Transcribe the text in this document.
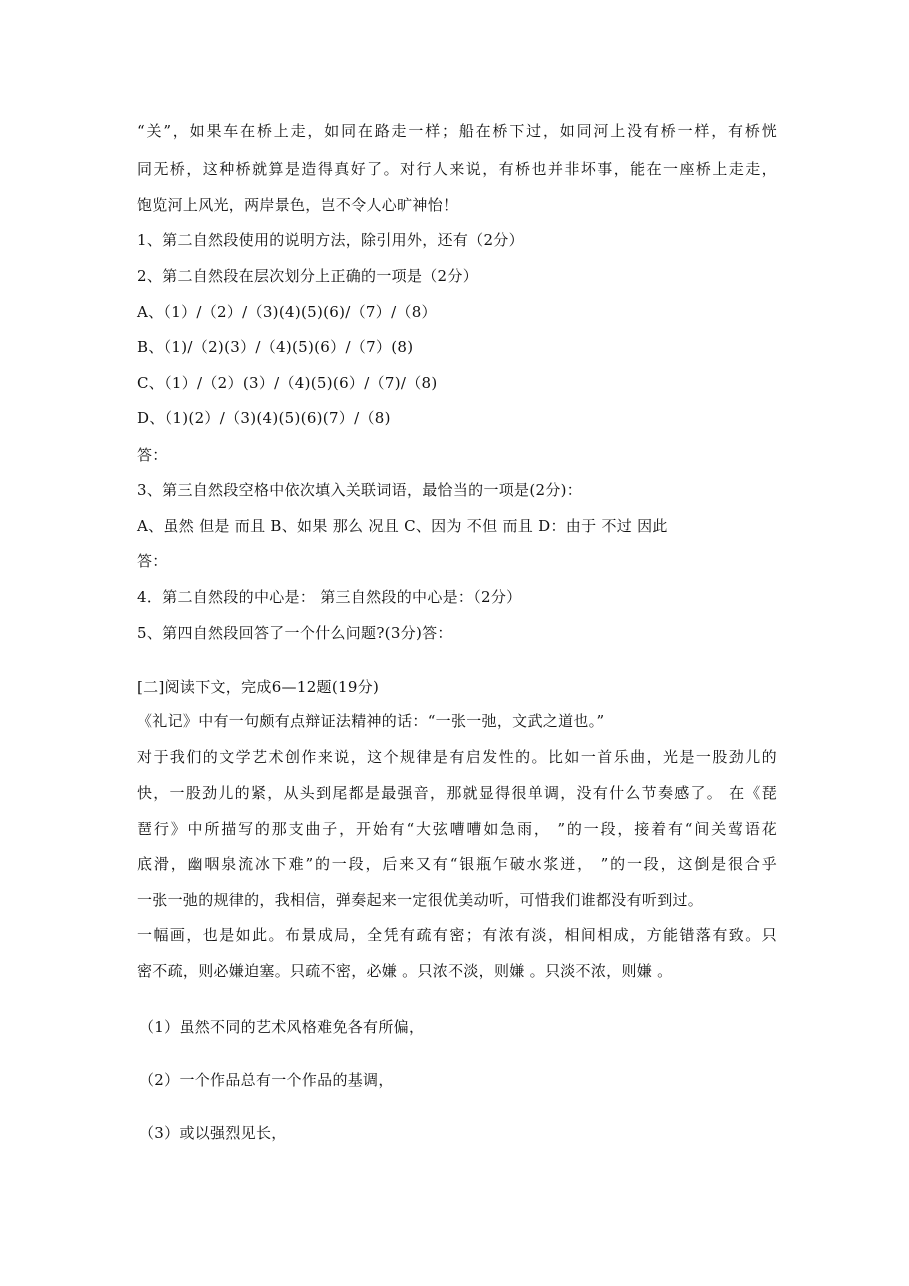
“关”，如果车在桥上走，如同在路走一样；船在桥下过，如同河上没有桥一样，有桥恍
同无桥，这种桥就算是造得真好了。对行人来说，有桥也并非坏事，能在一座桥上走走，
饱览河上风光，两岸景色，岂不令人心旷神怡！
1、第二自然段使用的说明方法，除引用外，还有（2分）
2、第二自然段在层次划分上正确的一项是（2分）
A、（1）/（2）/（3)(4)(5)(6)/（7）/（8）
B、（1)/（2)(3）/（4)(5)(6）/（7）(8)
C、（1）/（2）(3）/（4)(5)(6）/（7)/（8)
D、（1)(2）/（3)(4)(5)(6)(7）/（8)
答：
3、第三自然段空格中依次填入关联词语，最恰当的一项是(2分)：
A、虽然 但是 而且 B、如果 那么 况且 C、因为 不但 而且 D：由于 不过 因此
答：
4．第二自然段的中心是： 第三自然段的中心是：（2分）
5、第四自然段回答了一个什么问题?(3分)答：
[二]阅读下文，完成6—12题(19分)
《礼记》中有一句颇有点辩证法精神的话：“一张一弛，文武之道也。”
对于我们的文学艺术创作来说，这个规律是有启发性的。比如一首乐曲，光是一股劲儿的
快，一股劲儿的紧，从头到尾都是最强音，那就显得很单调，没有什么节奏感了。 在《琵
琶行》中所描写的那支曲子，开始有“大弦嘈嘈如急雨， ”的一段，接着有“间关莺语花
底滑，幽咽泉流冰下难”的一段，后来又有“银瓶乍破水浆迸， ”的一段，这倒是很合乎
一张一弛的规律的，我相信，弹奏起来一定很优美动听，可惜我们谁都没有听到过。
一幅画，也是如此。布景成局，全凭有疏有密；有浓有淡，相间相成，方能错落有致。只
密不疏，则必嫌迫塞。只疏不密，必嫌 。只浓不淡，则嫌 。只淡不浓，则嫌 。
（1）虽然不同的艺术风格难免各有所偏，
（2）一个作品总有一个作品的基调，
（3）或以强烈见长，
